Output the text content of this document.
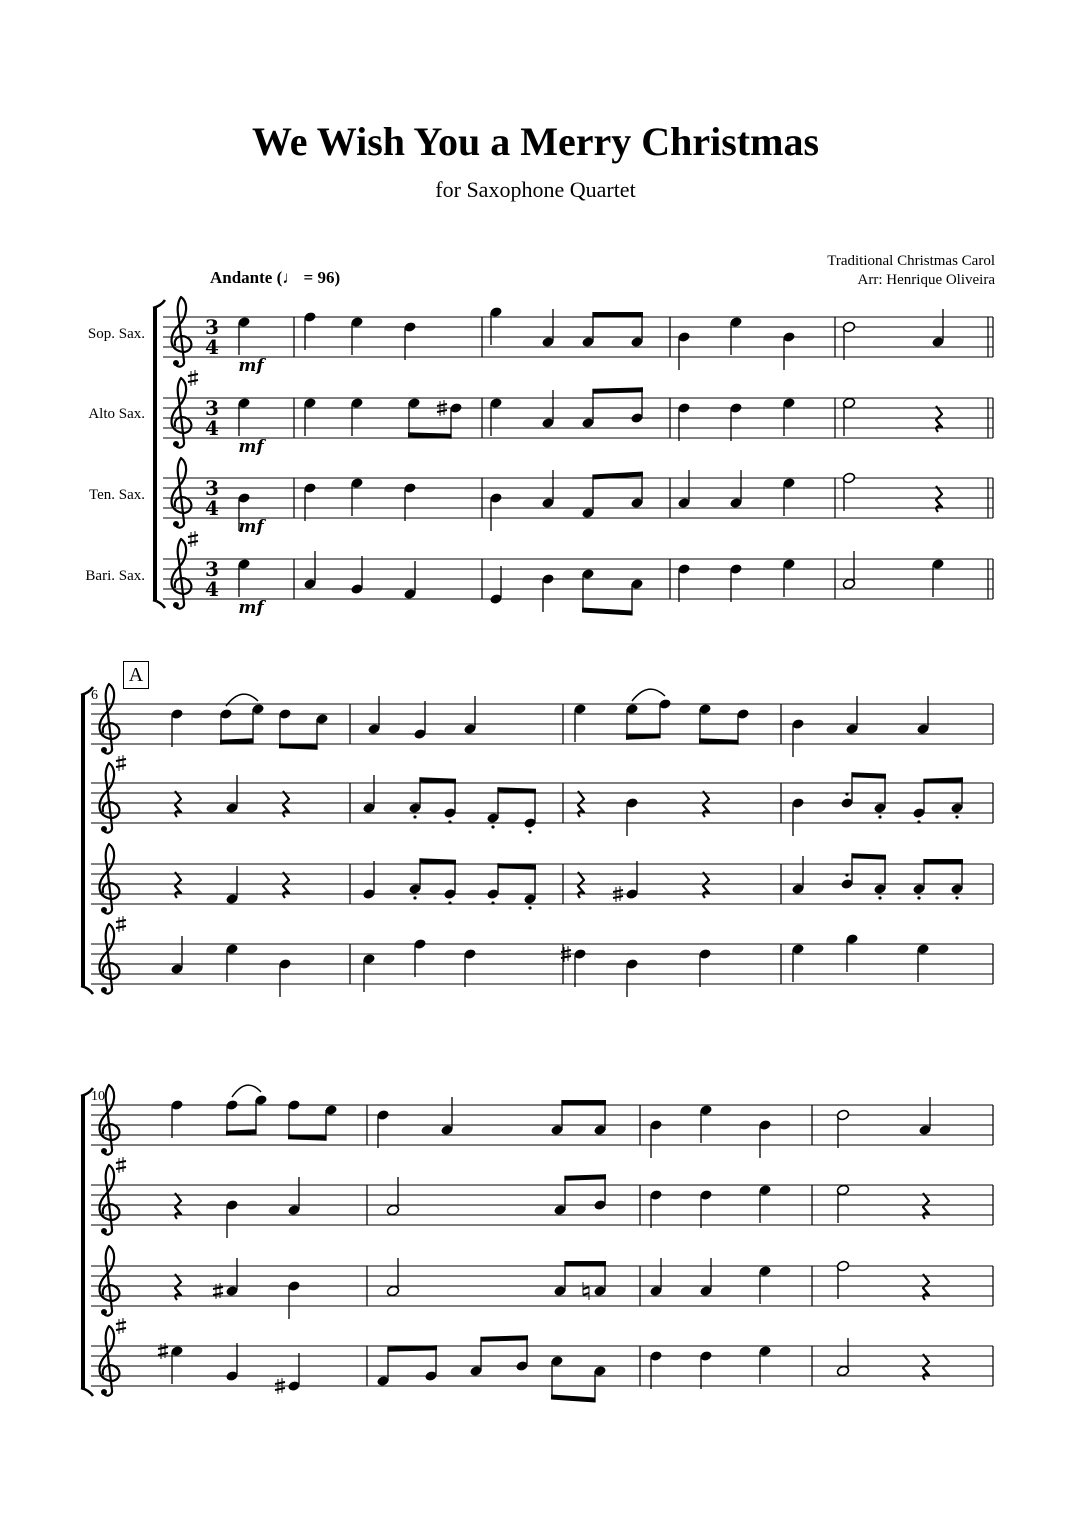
We Wish You a Merry Christmas
for Saxophone Quartet
Traditional Christmas Carol
Arr: Henrique Oliveira
Andante (♩ = 96)
Sop. Sax.
Alto Sax.
Ten. Sax.
Bari. Sax.
A
6
10
3
4
mf
3
4
mf
3
4
mf
3
4
mf
